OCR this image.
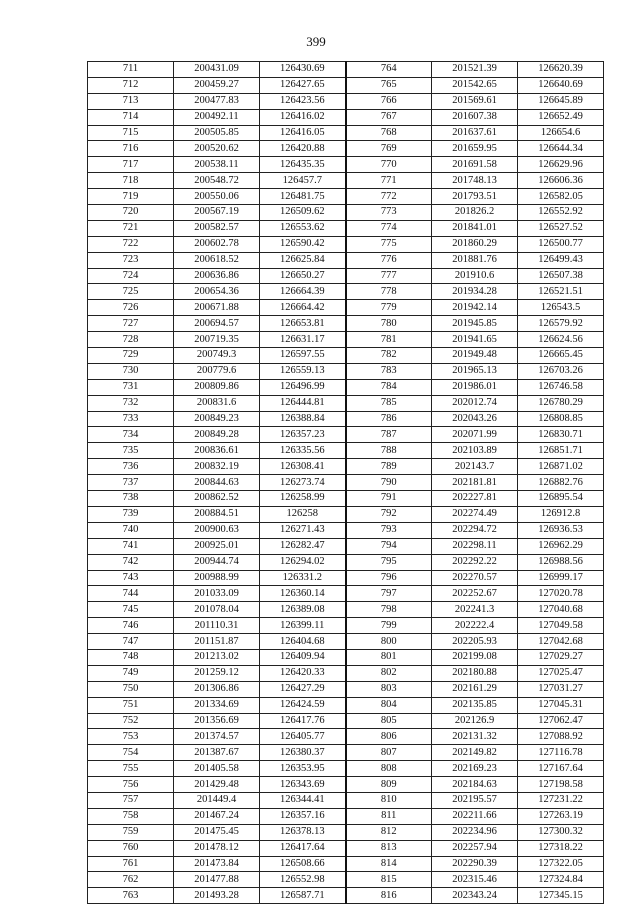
399
711	200431.09	126430.69	764	201521.39	126620.39
712	200459.27	126427.65	765	201542.65	126640.69
713	200477.83	126423.56	766	201569.61	126645.89
714	200492.11	126416.02	767	201607.38	126652.49
715	200505.85	126416.05	768	201637.61	126654.6
716	200520.62	126420.88	769	201659.95	126644.34
717	200538.11	126435.35	770	201691.58	126629.96
718	200548.72	126457.7	771	201748.13	126606.36
719	200550.06	126481.75	772	201793.51	126582.05
720	200567.19	126509.62	773	201826.2	126552.92
721	200582.57	126553.62	774	201841.01	126527.52
722	200602.78	126590.42	775	201860.29	126500.77
723	200618.52	126625.84	776	201881.76	126499.43
724	200636.86	126650.27	777	201910.6	126507.38
725	200654.36	126664.39	778	201934.28	126521.51
726	200671.88	126664.42	779	201942.14	126543.5
727	200694.57	126653.81	780	201945.85	126579.92
728	200719.35	126631.17	781	201941.65	126624.56
729	200749.3	126597.55	782	201949.48	126665.45
730	200779.6	126559.13	783	201965.13	126703.26
731	200809.86	126496.99	784	201986.01	126746.58
732	200831.6	126444.81	785	202012.74	126780.29
733	200849.23	126388.84	786	202043.26	126808.85
734	200849.28	126357.23	787	202071.99	126830.71
735	200836.61	126335.56	788	202103.89	126851.71
736	200832.19	126308.41	789	202143.7	126871.02
737	200844.63	126273.74	790	202181.81	126882.76
738	200862.52	126258.99	791	202227.81	126895.54
739	200884.51	126258	792	202274.49	126912.8
740	200900.63	126271.43	793	202294.72	126936.53
741	200925.01	126282.47	794	202298.11	126962.29
742	200944.74	126294.02	795	202292.22	126988.56
743	200988.99	126331.2	796	202270.57	126999.17
744	201033.09	126360.14	797	202252.67	127020.78
745	201078.04	126389.08	798	202241.3	127040.68
746	201110.31	126399.11	799	202222.4	127049.58
747	201151.87	126404.68	800	202205.93	127042.68
748	201213.02	126409.94	801	202199.08	127029.27
749	201259.12	126420.33	802	202180.88	127025.47
750	201306.86	126427.29	803	202161.29	127031.27
751	201334.69	126424.59	804	202135.85	127045.31
752	201356.69	126417.76	805	202126.9	127062.47
753	201374.57	126405.77	806	202131.32	127088.92
754	201387.67	126380.37	807	202149.82	127116.78
755	201405.58	126353.95	808	202169.23	127167.64
756	201429.48	126343.69	809	202184.63	127198.58
757	201449.4	126344.41	810	202195.57	127231.22
758	201467.24	126357.16	811	202211.66	127263.19
759	201475.45	126378.13	812	202234.96	127300.32
760	201478.12	126417.64	813	202257.94	127318.22
761	201473.84	126508.66	814	202290.39	127322.05
762	201477.88	126552.98	815	202315.46	127324.84
763	201493.28	126587.71	816	202343.24	127345.15
